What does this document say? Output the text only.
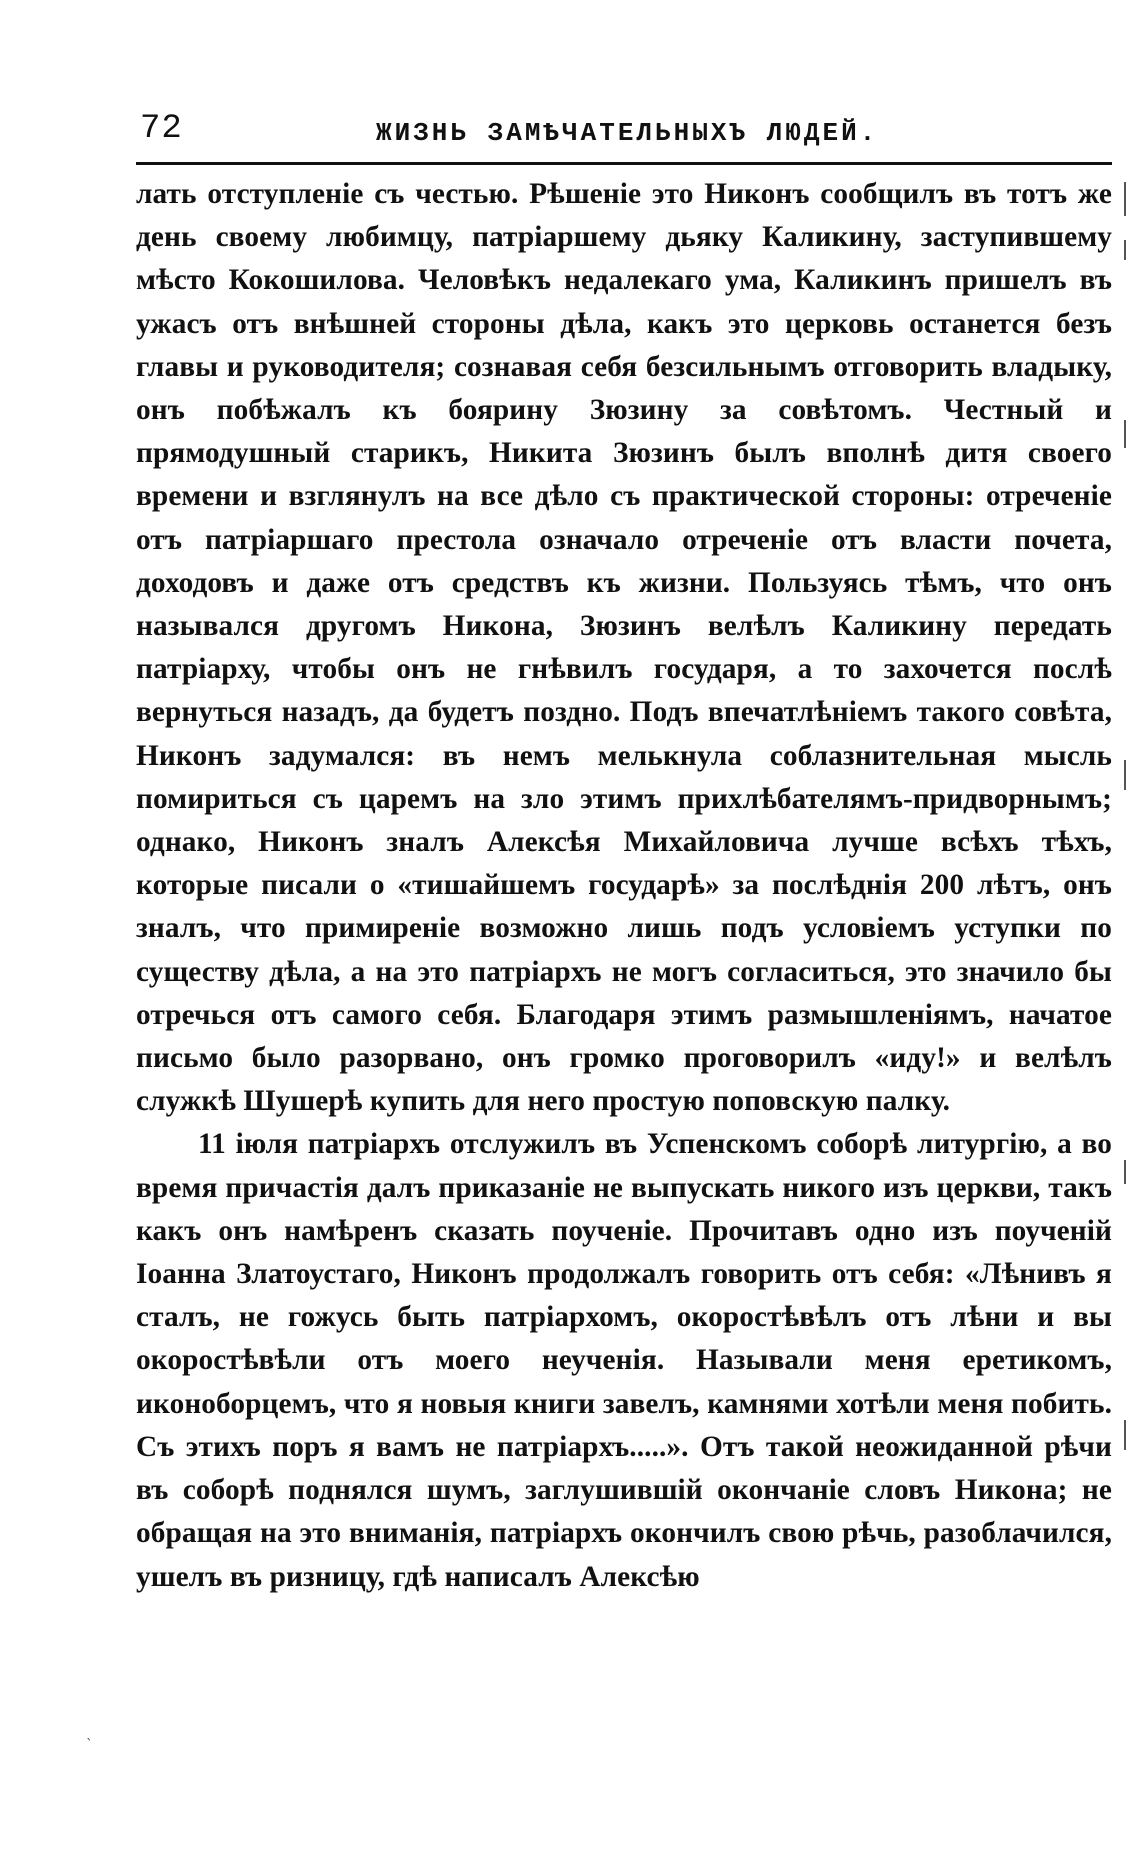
72	ЖИЗНЬ ЗАМѢЧАТЕЛЬНЫХЪ ЛЮДЕЙ.

лать отступленіе съ честью. Рѣшеніе это Никонъ сообщилъ въ тотъ же день своему любимцу, патріаршему дьяку Каликину, заступившему мѣсто Кокошилова. Человѣкъ недалекаго ума, Каликинъ пришелъ въ ужасъ отъ внѣшней стороны дѣла, какъ это церковь останется безъ главы и руководителя; сознавая себя безсильнымъ отговорить владыку, онъ побѣжалъ къ боярину Зюзину за совѣтомъ. Честный и прямодушный старикъ, Никита Зюзинъ былъ вполнѣ дитя своего времени и взглянулъ на все дѣло съ практической стороны: отреченіе отъ патріаршаго престола означало отреченіе отъ власти почета, доходовъ и даже отъ средствъ къ жизни. Пользуясь тѣмъ, что онъ назывался другомъ Никона, Зюзинъ велѣлъ Каликину передать патріарху, чтобы онъ не гнѣвилъ государя, а то захочется послѣ вернуться назадъ, да будетъ поздно. Подъ впечатлѣніемъ такого совѣта, Никонъ задумался: въ немъ мелькнула соблазнительная мысль помириться съ царемъ на зло этимъ прихлѣбателямъ-придворнымъ; однако, Никонъ зналъ Алексѣя Михайловича лучше всѣхъ тѣхъ, которые писали о «тишайшемъ государѣ» за послѣднія 200 лѣтъ, онъ зналъ, что примиреніе возможно лишь подъ условіемъ уступки по существу дѣла, а на это патріархъ не могъ согласиться, это значило бы отречься отъ самого себя. Благодаря этимъ размышленіямъ, начатое письмо было разорвано, онъ громко проговорилъ «иду!» и велѣлъ служкѣ Шушерѣ купить для него простую поповскую палку.

11 іюля патріархъ отслужилъ въ Успенскомъ соборѣ литургію, а во время причастія далъ приказаніе не выпускать никого изъ церкви, такъ какъ онъ намѣренъ сказать поученіе. Прочитавъ одно изъ поученій Іоанна Златоустаго, Никонъ продолжалъ говорить отъ себя: «Лѣнивъ я сталъ, не гожусь быть патріархомъ, окоростѣвѣлъ отъ лѣни и вы окоростѣвѣли отъ моего неученія. Называли меня еретикомъ, иконоборцемъ, что я новыя книги завелъ, камнями хотѣли меня побить. Съ этихъ поръ я вамъ не патріархъ.....». Отъ такой неожиданной рѣчи въ соборѣ поднялся шумъ, заглушившій окончаніе словъ Никона; не обращая на это вниманія, патріархъ окончилъ свою рѣчь, разоблачился, ушелъ въ ризницу, гдѣ написалъ Алексѣю

`
